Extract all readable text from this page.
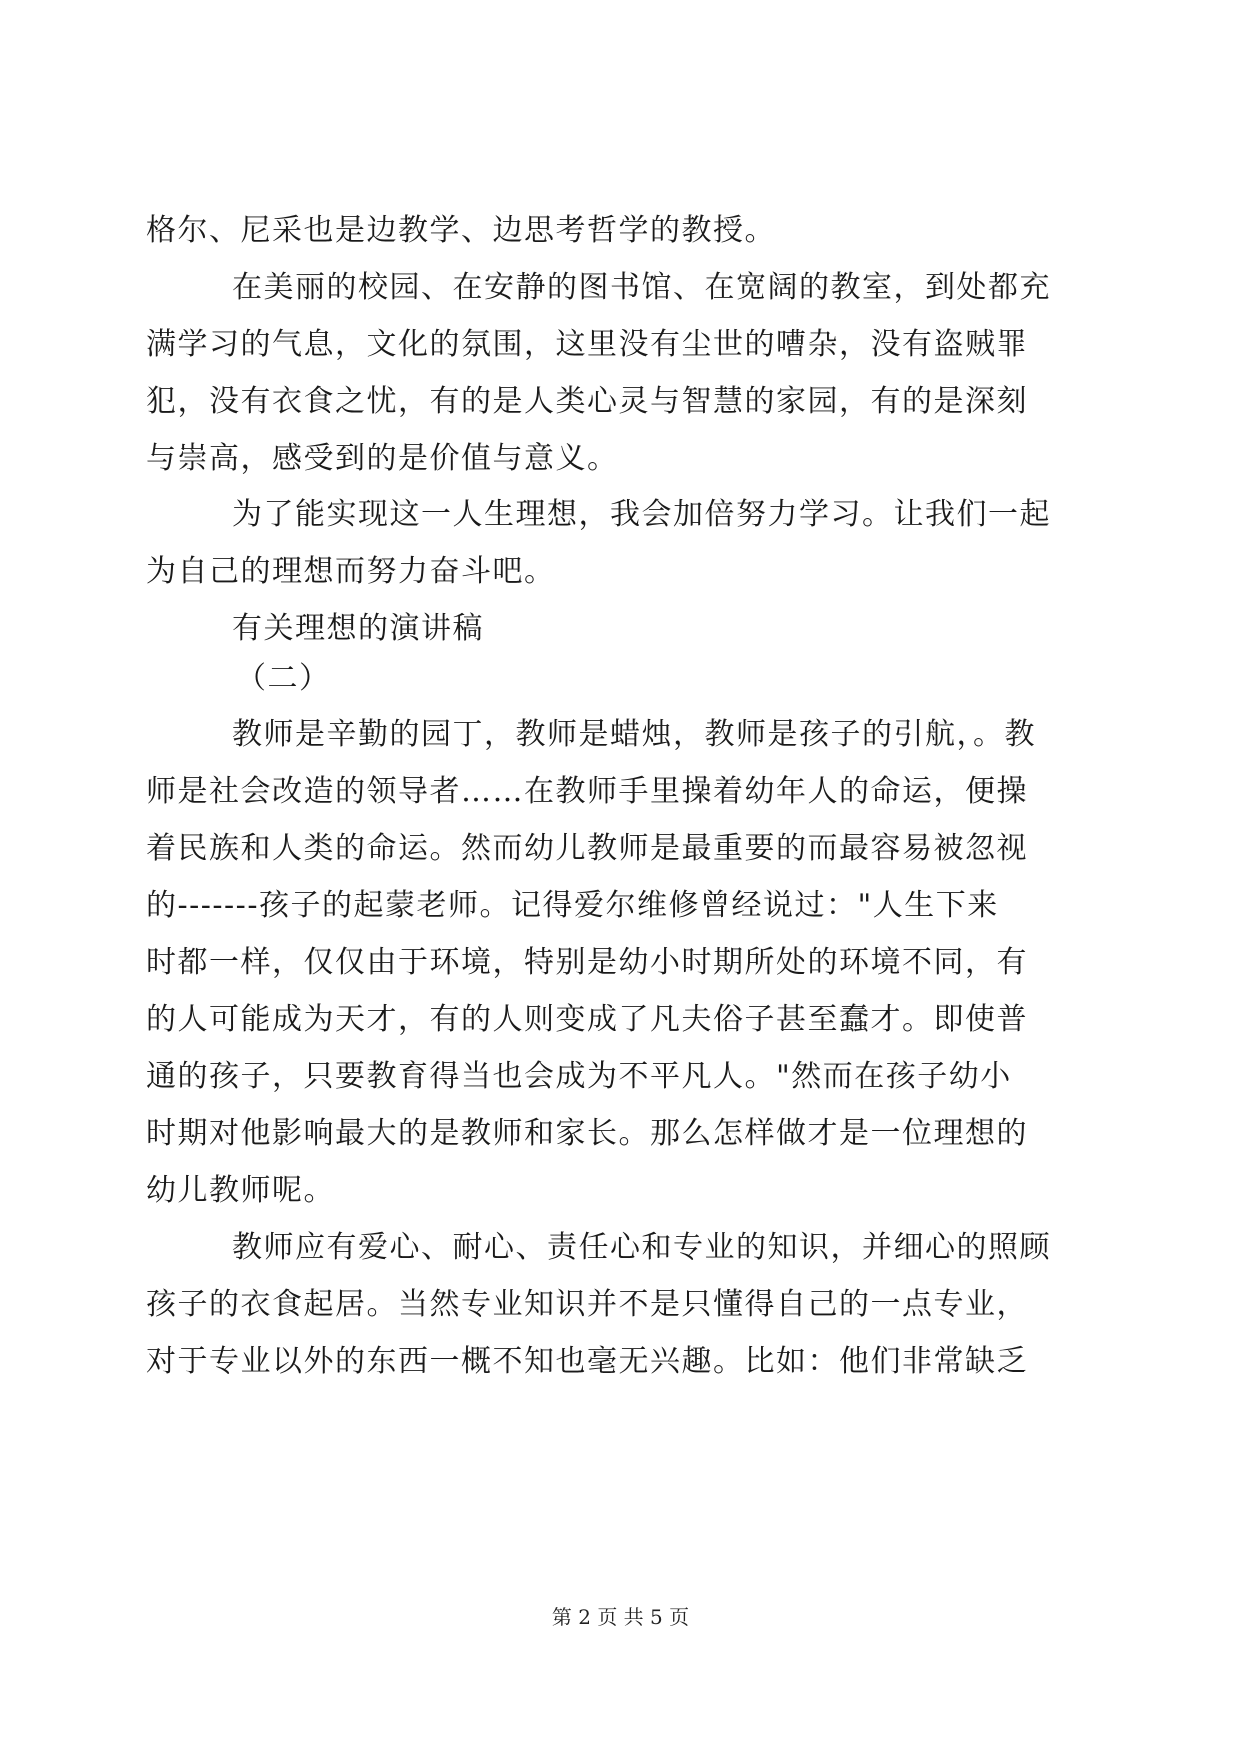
格尔、尼采也是边教学、边思考哲学的教授。
在美丽的校园、在安静的图书馆、在宽阔的教室，到处都充
满学习的气息，文化的氛围，这里没有尘世的嘈杂，没有盗贼罪
犯，没有衣食之忧，有的是人类心灵与智慧的家园，有的是深刻
与崇高，感受到的是价值与意义。
为了能实现这一人生理想，我会加倍努力学习。让我们一起
为自己的理想而努力奋斗吧。
有关理想的演讲稿
（二）
教师是辛勤的园丁，教师是蜡烛，教师是孩子的引航，。教
师是社会改造的领导者……在教师手里操着幼年人的命运，便操
着民族和人类的命运。然而幼儿教师是最重要的而最容易被忽视
的-------孩子的起蒙老师。记得爱尔维修曾经说过："人生下来
时都一样，仅仅由于环境，特别是幼小时期所处的环境不同，有
的人可能成为天才，有的人则变成了凡夫俗子甚至蠢才。即使普
通的孩子，只要教育得当也会成为不平凡人。"然而在孩子幼小
时期对他影响最大的是教师和家长。那么怎样做才是一位理想的
幼儿教师呢。
教师应有爱心、耐心、责任心和专业的知识，并细心的照顾
孩子的衣食起居。当然专业知识并不是只懂得自己的一点专业，
对于专业以外的东西一概不知也毫无兴趣。比如：他们非常缺乏
第 2 页 共 5 页
